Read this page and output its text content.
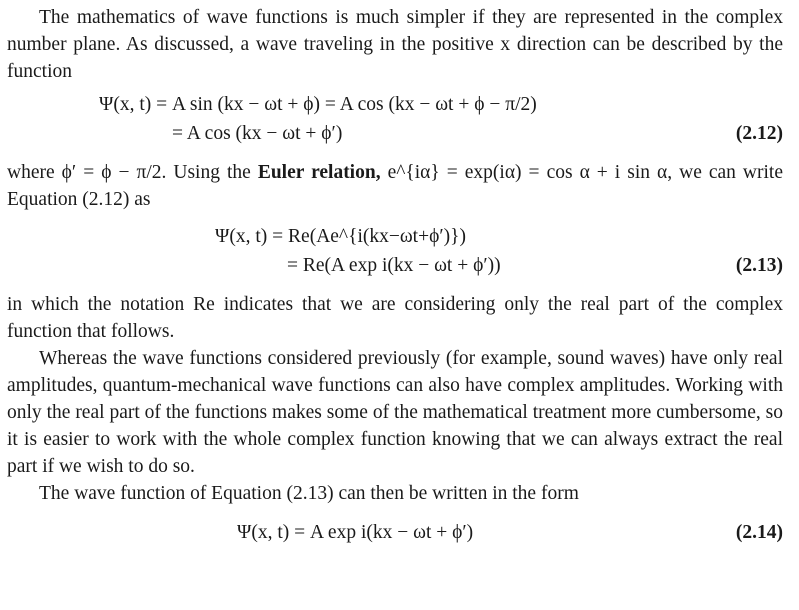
The mathematics of wave functions is much simpler if they are represented in the complex number plane. As discussed, a wave traveling in the positive x direction can be described by the function

Ψ(x, t) = A sin (kx − ωt + ϕ) = A cos (kx − ωt + ϕ − π/2)
= A cos (kx − ωt + ϕ′)	(2.12)

where ϕ′ = ϕ − π/2. Using the Euler relation, e^{iα} = exp(iα) = cos α + i sin α, we can write Equation (2.12) as

Ψ(x, t) = Re(Ae^{i(kx−ωt+ϕ′)})
= Re(A exp i(kx − ωt + ϕ′))	(2.13)

in which the notation Re indicates that we are considering only the real part of the complex function that follows.

Whereas the wave functions considered previously (for example, sound waves) have only real amplitudes, quantum-mechanical wave functions can also have complex amplitudes. Working with only the real part of the functions makes some of the mathematical treatment more cumbersome, so it is easier to work with the whole complex function knowing that we can always extract the real part if we wish to do so.

The wave function of Equation (2.13) can then be written in the form

Ψ(x, t) = A exp i(kx − ωt + ϕ′)	(2.14)
